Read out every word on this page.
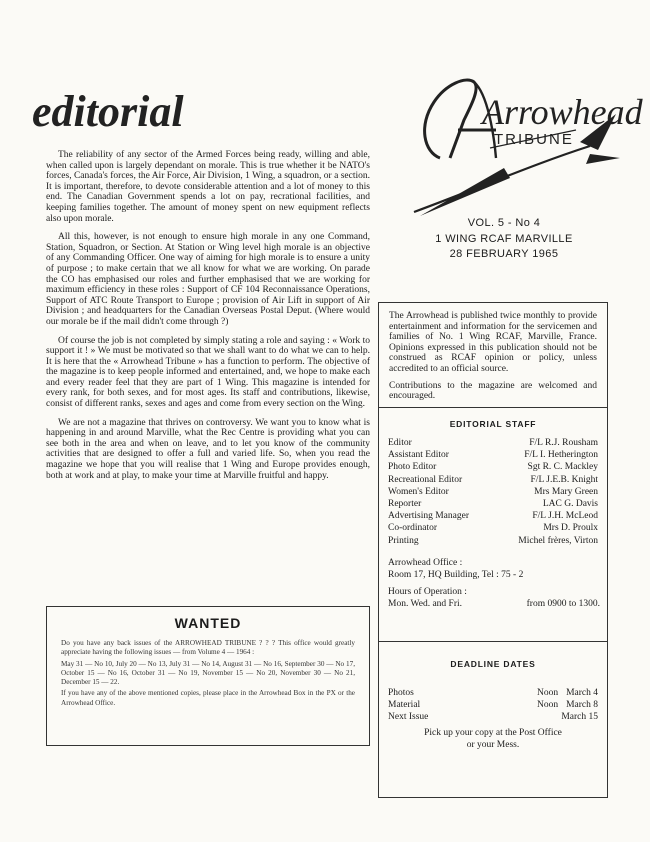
editorial

The reliability of any sector of the Armed Forces being ready, willing and able, when called upon is largely dependant on morale. This is true whether it be NATO's forces, Canada's forces, the Air Force, Air Division, 1 Wing, a squadron, or a section. It is important, therefore, to devote considerable attention and a lot of money to this end. The Canadian Government spends a lot on pay, recrational facilities, and keeping families together. The amount of money spent on new equipment reflects also upon morale.

All this, however, is not enough to ensure high morale in any one Command, Station, Squadron, or Section. At Station or Wing level high morale is an objective of any Commanding Officer. One way of aiming for high morale is to ensure a unity of purpose ; to make certain that we all know for what we are working. On parade the CO has emphasised our roles and further emphasised that we are working for maximum efficiency in these roles : Support of CF 104 Reconnaissance Operations, Support of ATC Route Transport to Europe ; provision of Air Lift in support of Air Division ; and headquarters for the Canadian Overseas Postal Deput. (Where would our morale be if the mail didn't come through ?)

Of course the job is not completed by simply stating a role and saying : « Work to support it ! » We must be motivated so that we shall want to do what we can to help. It is here that the « Arrowhead Tribune » has a function to perform. The objective of the magazine is to keep people informed and entertained, and, we hope to make each and every reader feel that they are part of 1 Wing. This magazine is intended for every rank, for both sexes, and for most ages. Its staff and contributions, likewise, consist of different ranks, sexes and ages and come from every section on the Wing.

We are not a magazine that thrives on controversy. We want you to know what is happening in and around Marville, what the Rec Centre is providing what you can see both in the area and when on leave, and to let you know of the community activities that are designed to offer a full and varied life. So, when you read the magazine we hope that you will realise that 1 Wing and Europe provides enough, both at work and at play, to make your time at Marville fruitful and happy.

Arrowhead
TRIBUNE
VOL. 5 - No 4
1 WING RCAF MARVILLE
28 FEBRUARY 1965
WANTED

Do you have any back issues of the ARROWHEAD TRIBUNE ? ? ? This office would greatly appreciate having the following issues — from Volume 4 — 1964 :

May 31 — No 10, July 20 — No 13, July 31 — No 14, August 31 — No 16, September 30 — No 17, October 15 — No 16, October 31 — No 19, November 15 — No 20, November 30 — No 21, December 15 — 22.

If you have any of the above mentioned copies, please place in the Arrowhead Box in the PX or the Arrowhead Office.

The Arrowhead is published twice monthly to provide entertainment and information for the servicemen and families of No. 1 Wing RCAF, Marville, France. Opinions expressed in this publication should not be construed as RCAF opinion or policy, unless accredited to an official source.

Contributions to the magazine are welcomed and encouraged.

EDITORIAL STAFF
Editor	F/L R.J. Rousham
Assistant Editor	F/L I. Hetherington
Photo Editor	Sgt R. C. Mackley
Recreational Editor	F/L J.E.B. Knight
Women's Editor	Mrs Mary Green
Reporter	LAC G. Davis
Advertising Manager	F/L J.H. McLeod
Co-ordinator	Mrs D. Proulx
Printing	Michel frères, Virton
Arrowhead Office :
Room 17, HQ Building, Tel : 75 - 2
Hours of Operation :
Mon. Wed. and Fri.	from 0900 to 1300.
DEADLINE DATES
Photos	Noon March 4
Material	Noon March 8
Next Issue	March 15
Pick up your copy at the Post Office
or your Mess.
